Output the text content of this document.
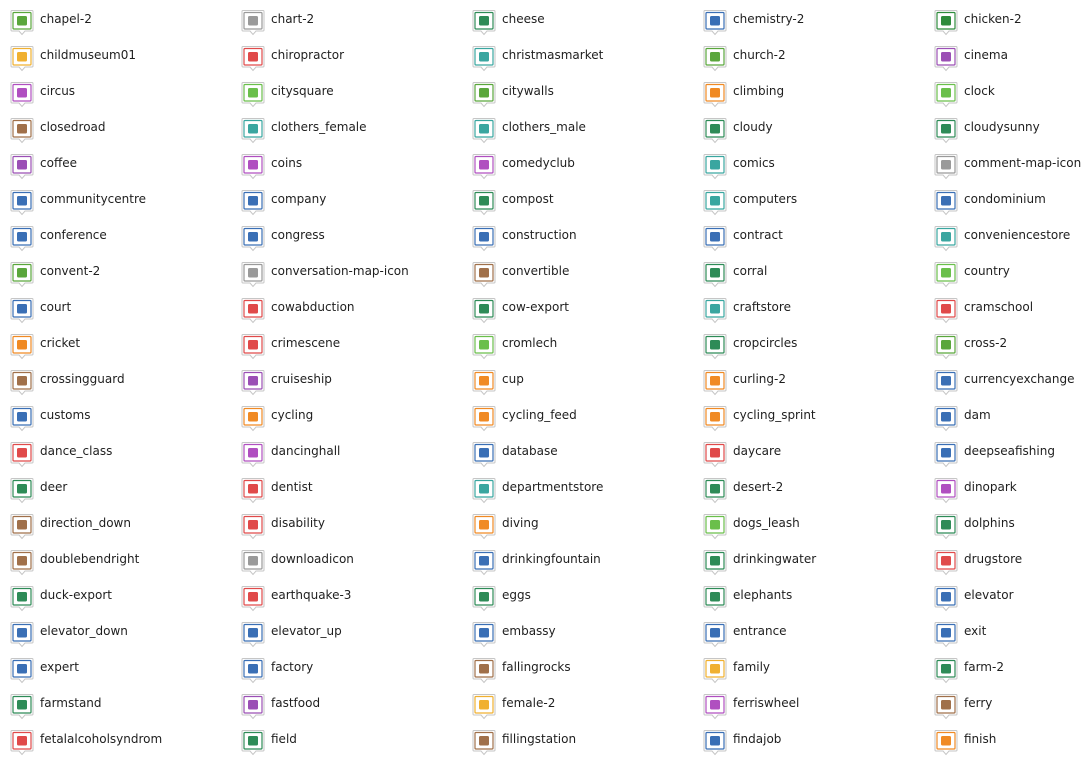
chapel-2	chart-2	cheese	chemistry-2	chicken-2
childmuseum01	chiropractor	christmasmarket	church-2	cinema
circus	citysquare	citywalls	climbing	clock
closedroad	clothers_female	clothers_male	cloudy	cloudysunny
coffee	coins	comedyclub	comics	comment-map-icon
communitycentre	company	compost	computers	condominium
conference	congress	construction	contract	conveniencestore
convent-2	conversation-map-icon	convertible	corral	country
court	cowabduction	cow-export	craftstore	cramschool
cricket	crimescene	cromlech	cropcircles	cross-2
crossingguard	cruiseship	cup	curling-2	currencyexchange
customs	cycling	cycling_feed	cycling_sprint	dam
dance_class	dancinghall	database	daycare	deepseafishing
deer	dentist	departmentstore	desert-2	dinopark
direction_down	disability	diving	dogs_leash	dolphins
doublebendright	downloadicon	drinkingfountain	drinkingwater	drugstore
duck-export	earthquake-3	eggs	elephants	elevator
elevator_down	elevator_up	embassy	entrance	exit
expert	factory	fallingrocks	family	farm-2
farmstand	fastfood	female-2	ferriswheel	ferry
fetalalcoholsyndrom	field	fillingstation	findajob	finish
